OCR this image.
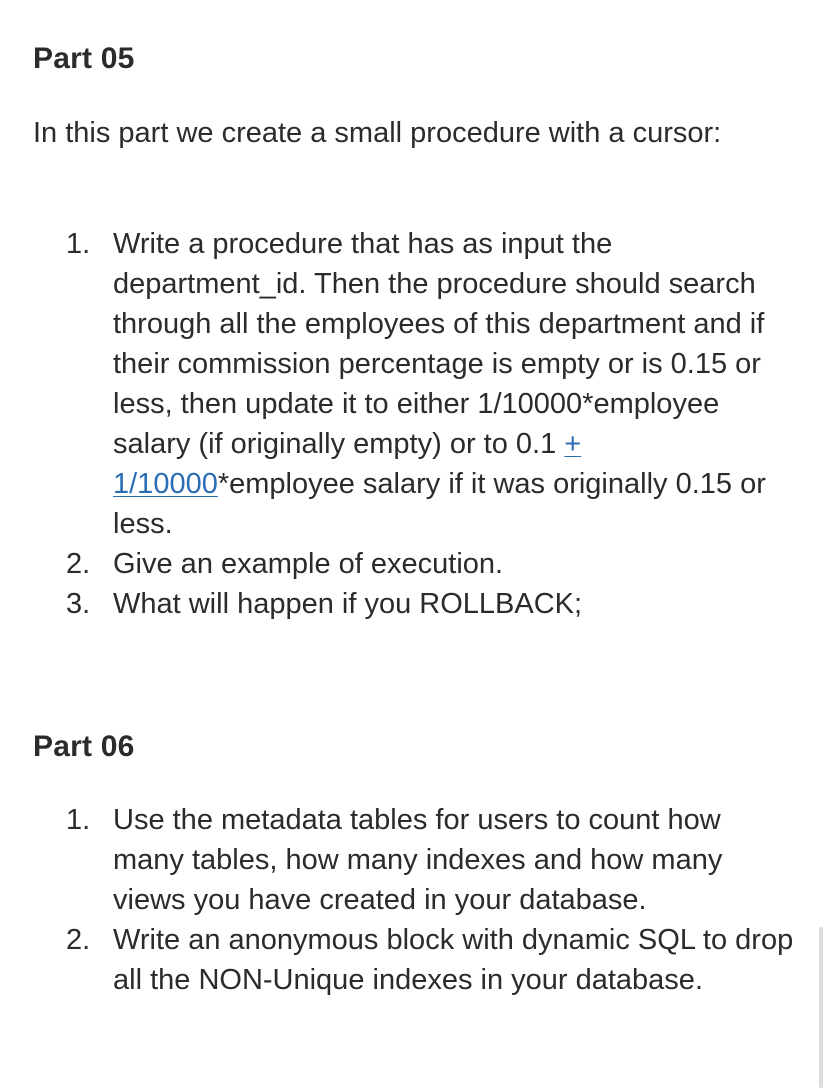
Part 05

In this part we create a small procedure with a cursor:

1. Write a procedure that has as input the department_id. Then the procedure should search through all the employees of this department and if their commission percentage is empty or is 0.15 or less, then update it to either 1/10000*employee salary (if originally empty) or to 0.1 + 1/10000*employee salary if it was originally 0.15 or less.
2. Give an example of execution.
3. What will happen if you ROLLBACK;
Part 06
1. Use the metadata tables for users to count how many tables, how many indexes and how many views you have created in your database.
2. Write an anonymous block with dynamic SQL to drop all the NON-Unique indexes in your database.
